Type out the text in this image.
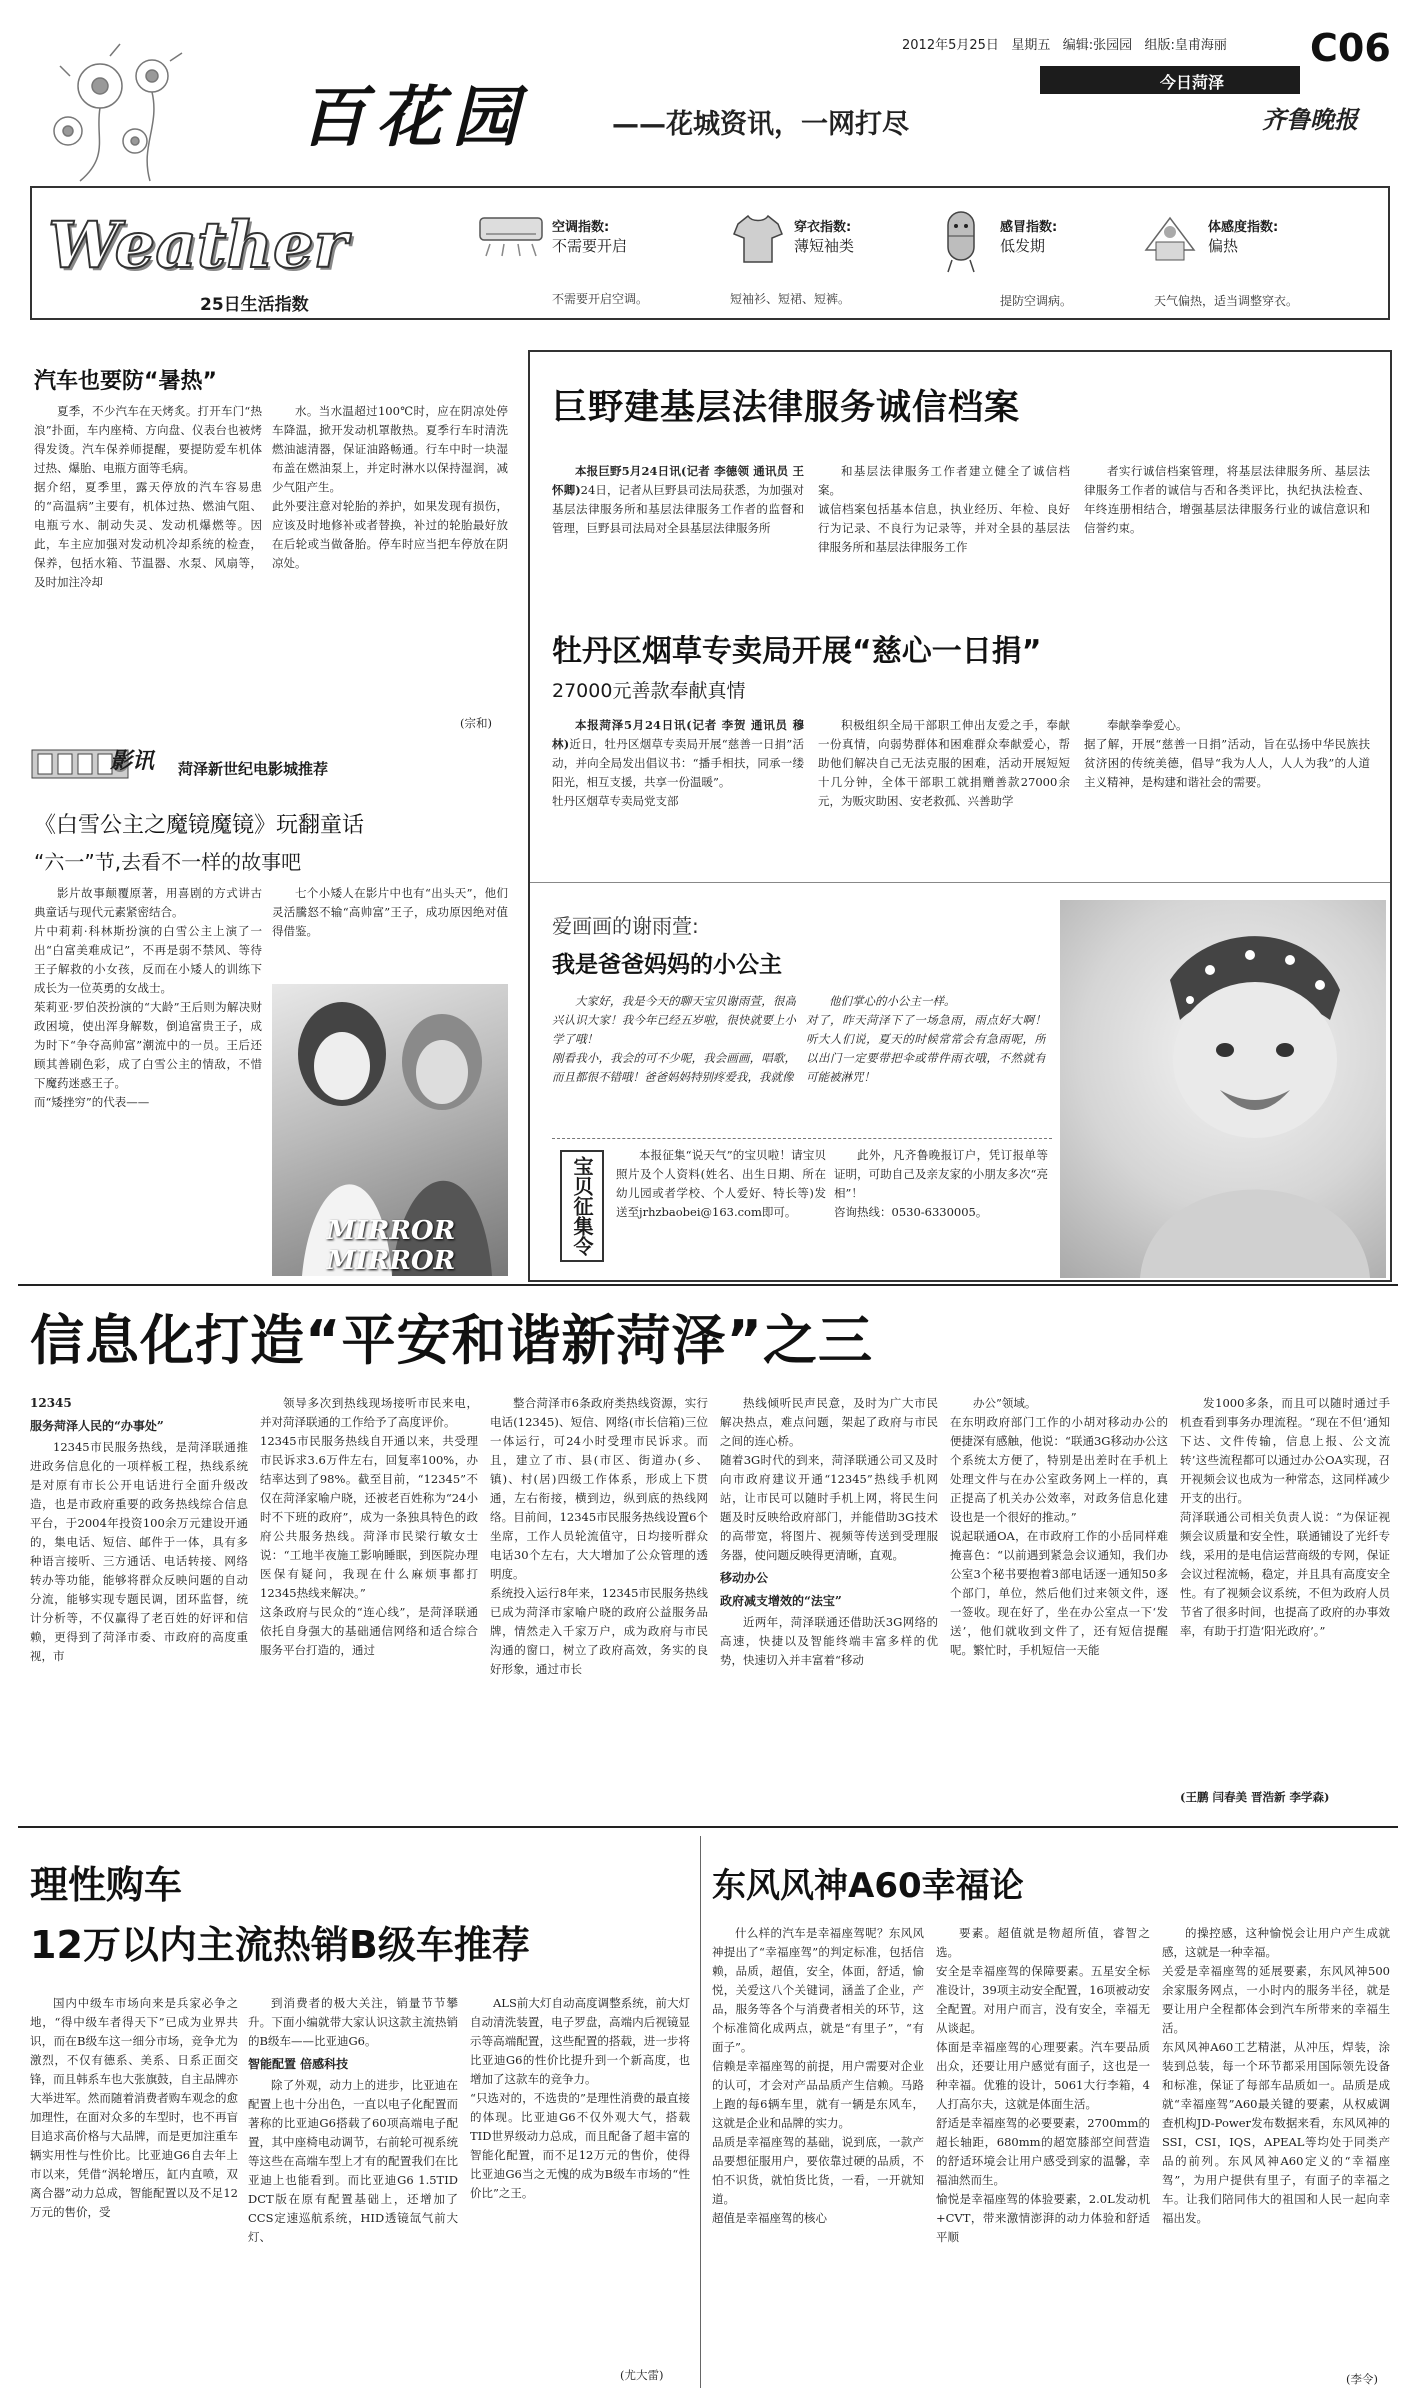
2012年5月25日 星期五 编辑:张园园 组版:皇甫海丽 C06
今日菏泽
齐鲁晚报
百花园	——花城资讯，一网打尽
Weather
25日生活指数
空调指数:
不需要开启
不需要开启空调。
穿衣指数:
薄短袖类
短袖衫、短裙、短裤。
感冒指数:
低发期
提防空调病。
体感度指数:
偏热
天气偏热，适当调整穿衣。
汽车也要防“暑热”

夏季，不少汽车在天烤炙。打开车门“热浪”扑面，车内座椅、方向盘、仪表台也被烤得发烫。汽车保养师提醒，要提防爱车机体过热、爆胎、电瓶方面等毛病。
据介绍，夏季里，露天停放的汽车容易患的“高温病”主要有，机体过热、燃油气阻、电瓶亏水、制动失灵、发动机爆燃等。因此，车主应加强对发动机冷却系统的检查，保养，包括水箱、节温器、水泵、风扇等，及时加注冷却

水。当水温超过100℃时，应在阴凉处停车降温，掀开发动机罩散热。夏季行车时清洗燃油滤清器，保证油路畅通。行车中时一块湿布盖在燃油泵上，并定时淋水以保持湿润，减少气阻产生。
此外要注意对轮胎的养护，如果发现有损伤，应该及时地修补或者替换，补过的轮胎最好放在后轮或当做备胎。停车时应当把车停放在阴凉处。

(宗和)
影讯 菏泽新世纪电影城推荐
《白雪公主之魔镜魔镜》玩翻童话
“六一”节,去看不一样的故事吧

影片故事颠覆原著，用喜剧的方式讲古典童话与现代元素紧密结合。
片中莉莉·科林斯扮演的白雪公主上演了一出“白富美难成记”，不再是弱不禁风、等待王子解救的小女孩，反而在小矮人的训练下成长为一位英勇的女战士。
茱莉亚·罗伯茨扮演的“大龄”王后则为解决财政困境，使出浑身解数，倒追富贵王子，成为时下“争夺高帅富”潮流中的一员。王后还顾其善刷色彩，成了白雪公主的情敌，不惜下魔药迷惑王子。
而“矮挫穷”的代表——

七个小矮人在影片中也有“出头天”，他们灵活騰怒不输“高帅富”王子，成功原因绝对值得借鉴。

MIRROR MIRROR
巨野建基层法律服务诚信档案

本报巨野5月24日讯(记者 李德领 通讯员 王怀卿)24日，记者从巨野县司法局获悉，为加强对基层法律服务所和基层法律服务工作者的监督和管理，巨野县司法局对全县基层法律服务所

和基层法律服务工作者建立健全了诚信档案。
诚信档案包括基本信息，执业经历、年检、良好行为记录、不良行为记录等，并对全县的基层法律服务所和基层法律服务工作

者实行诚信档案管理，将基层法律服务所、基层法律服务工作者的诚信与否和各类评比，执纪执法检查、年终连册相结合，增强基层法律服务行业的诚信意识和信誉约束。

牡丹区烟草专卖局开展“慈心一日捐”
27000元善款奉献真情

本报菏泽5月24日讯(记者 李贺 通讯员 穆林)近日，牡丹区烟草专卖局开展“慈善一日捐”活动，并向全局发出倡议书：“播手相扶，同承一缕阳光，相互支援，共享一份温暖”。
牡丹区烟草专卖局党支部

积极组织全局干部职工伸出友爱之手，奉献一份真情，向弱势群体和困难群众奉献爱心，帮助他们解决自己无法克服的困难，活动开展短短十几分钟，全体干部职工就捐赠善款27000余元，为贩灾助困、安老救孤、兴善助学

奉献拳拳爱心。
据了解，开展“慈善一日捐”活动，旨在弘扬中华民族扶贫济困的传统美德，倡导“我为人人，人人为我”的人道主义精神，是构建和谐社会的需要。

爱画画的谢雨萱:
我是爸爸妈妈的小公主

大家好，我是今天的聊天宝贝谢雨萱，很高兴认识大家！我今年已经五岁啦，很快就要上小学了哦！
刚看我小，我会的可不少呢，我会画画，唱歌，而且都很不错哦！爸爸妈妈特别疼爱我，我就像

他们掌心的小公主一样。
对了，昨天菏泽下了一场急雨，雨点好大啊！听大人们说，夏天的时候常常会有急雨呢，所以出门一定要带把伞或带件雨衣哦，不然就有可能被淋咒！

宝贝征集令

本报征集“说天气”的宝贝啦！请宝贝照片及个人资料(姓名、出生日期、所在幼儿园或者学校、个人爱好、特长等)发送至jrhzbaobei@163.com即可。

此外，凡齐鲁晚报订户，凭订报单等证明，可助自己及亲友家的小朋友多次“亮相”！
咨询热线：0530-6330005。

信息化打造“平安和谐新菏泽”之三
12345
服务菏泽人民的“办事处”

12345市民服务热线，是菏泽联通推进政务信息化的一项样板工程，热线系统是对原有市长公开电话进行全面升级改造，也是市政府重要的政务热线综合信息平台，于2004年投资100余万元建设开通的，集电话、短信、邮件于一体，具有多种语言接听、三方通话、电话转接、网络转办等功能，能够将群众反映问题的自动分流，能够实现专题民调，团环监督，统计分析等，不仅赢得了老百姓的好评和信赖，更得到了菏泽市委、市政府的高度重视，市

领导多次到热线现场接听市民来电，并对菏泽联通的工作给予了高度评价。
12345市民服务热线自开通以来，共受理市民诉求3.6万件左右，回复率100%，办结率达到了98%。截至目前，“12345”不仅在菏泽家喻户晓，还被老百姓称为“24小时不下班的政府”，成为一条独具特色的政府公共服务热线。菏泽市民梁行敏女士说：“工地半夜施工影响睡眠，到医院办理医保有疑问，我现在什么麻烦事都打12345热线来解决。”
这条政府与民众的“连心线”，是菏泽联通依托自身强大的基础通信网络和适合综合服务平台打造的，通过

整合菏泽市6条政府类热线资源，实行电话(12345)、短信、网络(市长信箱)三位一体运行，可24小时受理市民诉求。而且，建立了市、县(市区、街道办(乡、镇)、村(居)四级工作体系，形成上下贯通，左右衔接，横到边，纵到底的热线网络。目前间，12345市民服务热线设置6个坐席，工作人员轮流值守，日均接听群众电话30个左右，大大增加了公众管理的透明度。
系统投入运行8年来，12345市民服务热线已成为菏泽市家喻户晓的政府公益服务品牌，情然走入千家万户，成为政府与市民沟通的窗口，树立了政府高效，务实的良好形象，通过市长

热线倾听民声民意，及时为广大市民解决热点，难点问题，架起了政府与市民之间的连心桥。
随着3G时代的到来，菏泽联通公司又及时向市政府建议开通“12345”热线手机网站，让市民可以随时手机上网，将民生问题及时反映给政府部门，并能借助3G技术的高带宽，将图片、视频等传送到受理服务器，使问题反映得更清晰，直观。

移动办公
政府减支增效的“法宝”

近两年，菏泽联通还借助沃3G网络的高速，快捷以及智能终端丰富多样的优势，快速切入并丰富着“移动

办公”领域。
在东明政府部门工作的小胡对移动办公的便捷深有感触，他说：“联通3G移动办公这个系统太方便了，特别是出差时在手机上处理文件与在办公室政务网上一样的，真正提高了机关办公效率，对政务信息化建设也是一个很好的推动。”
说起联通OA，在市政府工作的小岳同样难掩喜色：“以前遇到紧急会议通知，我们办公室3个秘书要抱着3部电话逐一通知50多个部门，单位，然后他们过来领文件，逐一签收。现在好了，坐在办公室点一下‘发送’，他们就收到文件了，还有短信提醒呢。繁忙时，手机短信一天能

发1000多条，而且可以随时通过手机查看到事务办理流程。“现在不但‘通知下达、文件传输，信息上报、公文流转’这些流程都可以通过办公OA实现，召开视频会议也成为一种常态，这同样减少开支的出行。
菏泽联通公司相关负责人说：“为保证视频会议质量和安全性，联通铺设了光纤专线，采用的是电信运营商级的专网，保证会议过程流畅，稳定，并且具有高度安全性。有了视频会议系统，不但为政府人员节省了很多时间，也提高了政府的办事效率，有助于打造‘阳光政府’。”

(王鹏 闫春美 晋浩新 李学森)
理性购车
12万以内主流热销B级车推荐

国内中级车市场向来是兵家必争之地，“得中级车者得天下”已成为业界共识，而在B级车这一细分市场，竞争尤为激烈，不仅有德系、美系、日系正面交锋，而且韩系车也大张旗鼓，自主品牌亦大举进军。然而随着消费者购车观念的愈加理性，在面对众多的车型时，也不再盲目追求高价格与大品牌，而是更加注重车辆实用性与性价比。比亚迪G6自去年上市以来，凭借“涡轮增压，缸内直喷，双离合器”动力总成，智能配置以及不足12万元的售价，受

到消费者的极大关注，销量节节攀升。下面小编就带大家认识这款主流热销的B级车——比亚迪G6。

智能配置 倍感科技

除了外观，动力上的进步，比亚迪在配置上也十分出色，一直以电子化配置而著称的比亚迪G6搭载了60项高端电子配置，其中座椅电动调节，右前轮可视系统等这些在高端车型上才有的配置我们在比亚迪上也能看到。而比亚迪G6 1.5TID DCT版在原有配置基础上，还增加了CCS定速巡航系统，HID透镜氙气前大灯、

ALS前大灯自动高度调整系统，前大灯自动清洗装置，电子罗盘，高端内后视镜显示等高端配置，这些配置的搭载，进一步将比亚迪G6的性价比提升到一个新高度，也增加了这款车的竞争力。
“只选对的，不选贵的”是理性消费的最直接的体现。比亚迪G6不仅外观大气，搭载TID世界级动力总成，而且配备了超丰富的智能化配置，而不足12万元的售价，使得比亚迪G6当之无愧的成为B级车市场的“性价比”之王。

(尤大雷)
东风风神A60幸福论

什么样的汽车是幸福座驾呢？东风风神提出了“幸福座驾”的判定标准，包括信赖，品质，超值，安全，体面，舒适，愉悦，关爱这八个关键词，涵盖了企业，产品，服务等各个与消费者相关的环节，这个标准简化成两点，就是“有里子”，“有面子”。
信赖是幸福座驾的前提，用户需要对企业的认可，才会对产品品质产生信赖。马路上跑的每6辆车里，就有一辆是东风车，这就是企业和品牌的实力。
品质是幸福座驾的基础，说到底，一款产品要想征服用户，要依靠过硬的品质，不怕不识货，就怕货比货，一看，一开就知道。
超值是幸福座驾的核心

要素。超值就是物超所值，睿智之选。
安全是幸福座驾的保障要素。五星安全标准设计，39项主动安全配置，16项被动安全配置。对用户而言，没有安全，幸福无从谈起。
体面是幸福座驾的心理要素。汽车要品质出众，还要让用户感觉有面子，这也是一种幸福。优雅的设计，5061大行李箱，4人打高尔夫，这就是体面生活。
舒适是幸福座驾的必要要素，2700mm的超长轴距，680mm的超宽膝部空间营造的舒适环境会让用户感受到家的温馨，幸福油然而生。
愉悦是幸福座驾的体验要素，2.0L发动机+CVT，带来激情澎湃的动力体验和舒适平顺

的操控感，这种愉悦会让用户产生成就感，这就是一种幸福。
关爱是幸福座驾的延展要素，东风风神500余家服务网点，一小时内的服务半径，就是要让用户全程都体会到汽车所带来的幸福生活。
东风风神A60工艺精湛，从冲压，焊装，涂装到总装，每一个环节都采用国际领先设备和标准，保证了每部车品质如一。品质是成就“幸福座驾”A60最关键的要素，从权威调查机构JD-Power发布数据来看，东风风神的SSI，CSI，IQS，APEAL等均处于同类产品的前列。东风风神A60定义的“幸福座驾”，为用户提供有里子，有面子的幸福之车。让我们陪同伟大的祖国和人民一起向幸福出发。

(李令)
